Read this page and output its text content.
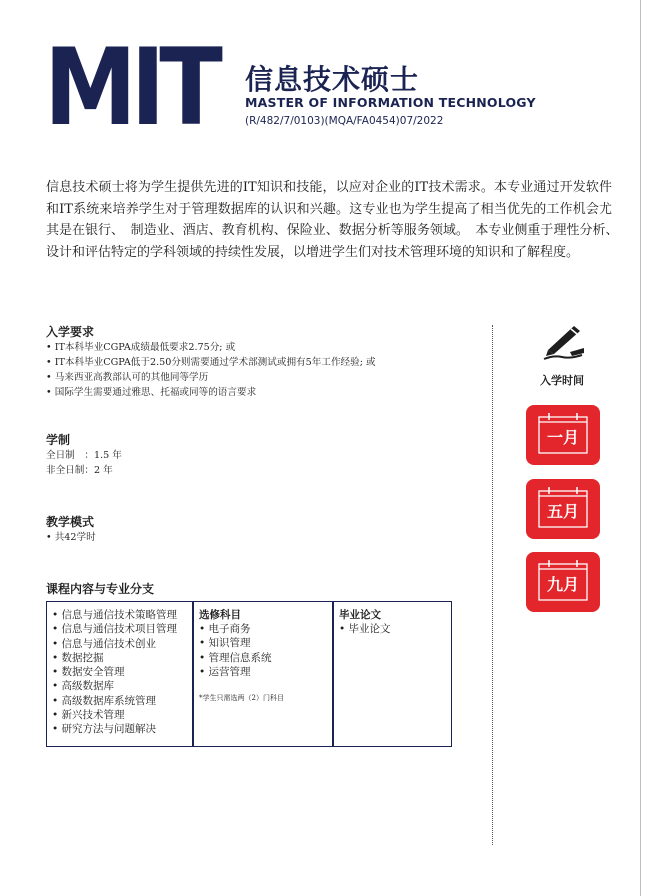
MIT 信息技术硕士
MASTER OF INFORMATION TECHNOLOGY
(R/482/7/0103)(MQA/FA0454)07/2022

信息技术硕士将为学生提供先进的IT知识和技能，以应对企业的IT技术需求。本专业通过开发软件和IT系统来培养学生对于管理数据库的认识和兴趣。这专业也为学生提高了相当优先的工作机会尤其是在银行、　制造业、酒店、教育机构、保险业、数据分析等服务领域。　本专业侧重于理性分析、　设计和评估特定的学科领域的持续性发展，以增进学生们对技术管理环境的知识和了解程度。

入学要求
• IT本科毕业CGPA成绩最低要求2.75分; 或
• IT本科毕业CGPA低于2.50分则需要通过学术部测试或拥有5年工作经验; 或
• 马来西亚高教部认可的其他同等学历
• 国际学生需要通过雅思、托福或同等的语言要求
学制
全日制　：1.5 年
非全日制：2 年
教学模式
• 共42学时
课程内容与专业分支
• 信息与通信技术策略管理
• 信息与通信技术项目管理
• 信息与通信技术创业
• 数据挖掘
• 数据安全管理
• 高级数据库
• 高级数据库系统管理
• 新兴技术管理
• 研究方法与问题解决
选修科目
• 电子商务
• 知识管理
• 管理信息系统
• 运营管理
*学生只需选两（2）门科目
毕业论文
• 毕业论文
入学时间
一月
五月
九月
